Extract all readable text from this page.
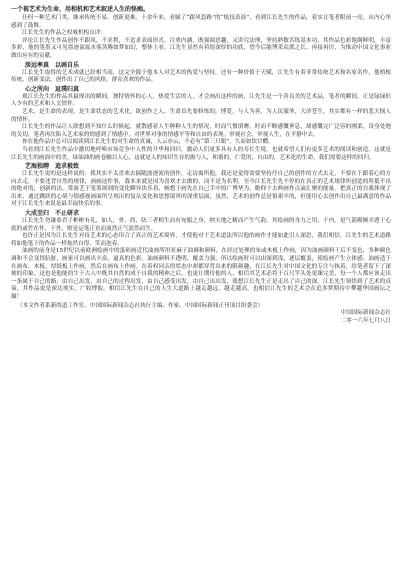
一个视艺术为生命，用相机和艺术叙述人生的怪痴。

任何一种艺术门类，继承传统不易，创新更难。十余年来，看腻了“跟风套路”的“炫技表演”，看到江长先生的作品，着实让笔者眼前一亮，从内心里感到了鼓舞。

江长先生的作品之权威机构点评：

评论江长先生作品创作不跟风，不求利，不追求表面形式，注重内涵，既强调意趣，又讲究法理，坚持熟数苦练基本功，其作品色彩饱满鲜明，丰富多彩，他的笔墨又可见墨迹氤氲水雾蒸腾如梦如幻，整体上看，江先生显然有着很深厚的功底，望今后能博采众派之长，再接再厉，为推动中国文化事业做出应有的贡献。

淡远率真　以画自乐

江长先生取得的艺术成就已经相当高，这完全源于他本人对艺术的热爱与坚持，还有一种价值于天赋，江先生有着非常传统艺术和名家名作，他植根传统，创新变法，创作出了自己的风格，群众喜欢的作品。

心之所向　返璞归真

观江长先生的作品其最现出的瞬间，独特情怀的心人，热爱生活的人，才会画出这样的画，江先生是一个善良美的艺术品，笔者的瞬间，正是绿绿但人少有的艺术和人文情怀。

艺术，是生命的表现，是生命状态的艺术化。欲创作之人，生命首先要修炼的，博爱，与人为善，为人民服务，大济苍生，其实都有一样的悲天悯人的情怀。

江长先生的作品让人联想到不知什么时候起，就散感着人生种种人生的情况，时而气惯填膺，时而不断感慨垂息，却感慨完广泛容的刚柔，设身处地的关切，笔者再次陷入艺术家的情感到了情感中，对世界对事的情感平等和自由的表现。审视社会，审视人生，在平静中去。

你在他作品中总可以阅读到江长先生的对生命的真诚，人云亦云，不必有“第三只眼”，久而如饮甘醴。

当看到江长先生作品中激切地呼唤市场竞争中人性的升华和回归，激动人们更多具有人的寿长生境，也就希望人们有更多艺术的阅读和创造。这就是江长先生的画面中的美，绿油油的画卷触目人心，这就是人的知识生存的源与人，和谐的，仁爱的，自由的，艺术化的生命，我们需要这样的回归。

艺海独聘　追求极致

江长先生说的是这样说的：我其实不太喜欢去搞随波逐流的创作，走访寓所他，我还是觉得需要坚持任自己的创作的方式去走，不要在于跟着心的方向去走，不要违背自然的规律，画画这件事，我本来就是因为喜欢才去做的，而不是为名利，至今江长先生先不停的在真正的艺术规律所创造的所抵不出的绝对的，创新的出，常游艺于笔墨颂到的变化瞬异块乐着，畅想于画先在自己手中的广博华为，瞻仰于去典画作点滴汇聚的能量。把真正的自我体现了出来，通过跳跃的心境与情感视画面所呈现出的复杂变化和思想境界的深重层面，虽然，艺术的创作总是很艰辛的，但能用心去创作出自己最满意的作品对于江长先生来说是最幸福快乐的事。

大成至归　不止研求

江长先生勿谦恭君子彬彬有礼，如人，骨，尚，防三者相生而有宛服之身，纳天地之精而产生气韵，其绘画的身力之用，于内，是气箭砌婉弄透于心底的或竹在怀，于外，则是运笔正直而流然正气淡然而生。

也许正是因为江长先生对待艺术的心态用合了真正的艺术境界，才使他对于艺术道法所以他的画作才能如此引人深思，我们相信，江先生的艺术道路将如他笔下的作品一样灿然自得，笑而泡春。

油画的前身是15世纪以前欧洲绘画中的蛋彩画近代油画所用亚麻子油调和颜料，在经过处理的布或木板上作画，因为油画颜料干后不变色，多种颜色调和不会变得肮脏，画家可以画出丰富、逼真的色彩。油画颜料不透明，覆盖力强，所以绘画时可以由深到浅，逐层覆盖，使绘画产生立体感。油画适于在画布、木板、厚纸板上作画，然后在画布上作画。在着权同亲的状态中却都穿背出来的限颜趣，在江长先生对中国文化的专注与执着，给笔者留下了深刻的印象，这也是他能的生于古人中既其自然的成于自我的精神之后，也更让期待他的人，相信其艺术必将于百尺竿头处更臻完美，每一个人都应该走出一条属于自己的路，由自己出发，由自己的过程出发，由自己感受出发，由自己出出发，我想江长先生正是走出了自己的深，江长先生领悟到了艺术的真谛，其作品更是深达现实，广收博取，相信江先生在自己的人生大道路上越走越远，越走越高，也相信江先生的艺术会在追多梦期待中攀越华国画坛之巅！

（本文作者系新尚道工作室、中国国际新闻杂志社执行主编、作家、中国国际新闻正刊项目组委会）

中国国际新闻杂志社

二零一六年七月八日
